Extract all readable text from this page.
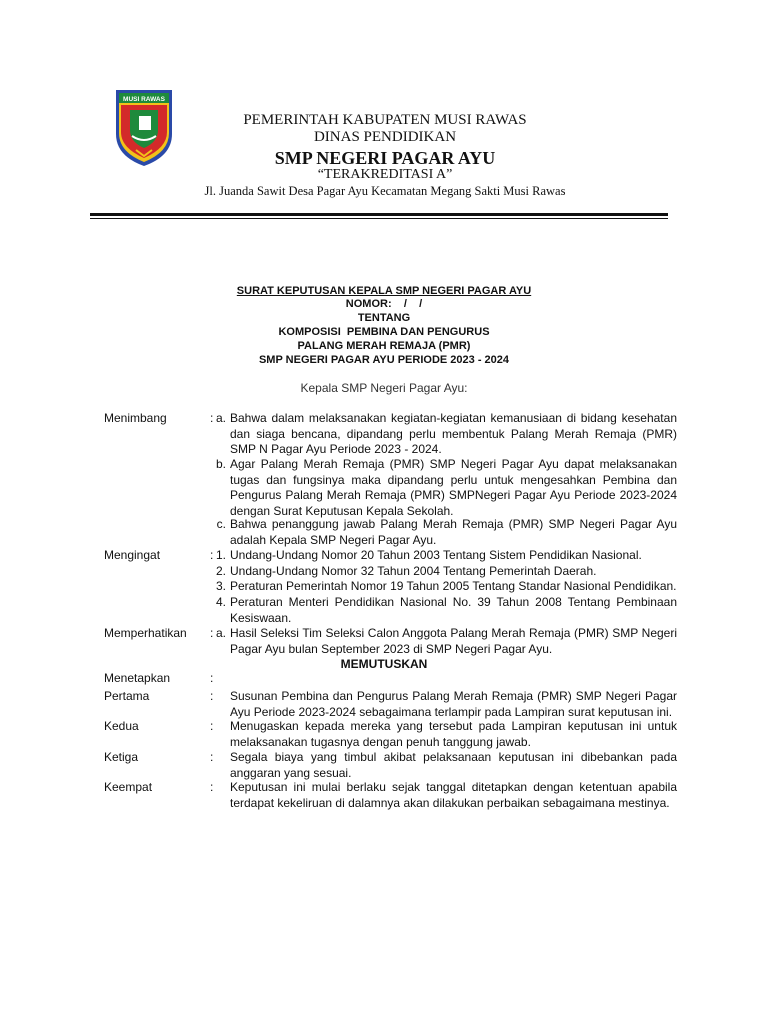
MUSI RAWAS
PEMERINTAH KABUPATEN MUSI RAWAS
DINAS PENDIDIKAN
SMP NEGERI PAGAR AYU
“TERAKREDITASI A”
Jl. Juanda Sawit Desa Pagar Ayu Kecamatan Megang Sakti Musi Rawas
SURAT KEPUTUSAN KEPALA SMP NEGERI PAGAR AYU
NOMOR:    /    /
TENTANG
KOMPOSISI  PEMBINA DAN PENGURUS
PALANG MERAH REMAJA (PMR)
SMP NEGERI PAGAR AYU PERIODE 2023 - 2024
Kepala SMP Negeri Pagar Ayu:
Menimbang	: a. Bahwa dalam melaksanakan kegiatan-kegiatan kemanusiaan di bidang kesehatan dan siaga bencana, dipandang perlu membentuk Palang Merah Remaja (PMR) SMP N Pagar Ayu Periode 2023 - 2024.
b. Agar Palang Merah Remaja (PMR) SMP Negeri Pagar Ayu dapat melaksanakan tugas dan fungsinya maka dipandang perlu untuk mengesahkan Pembina dan Pengurus Palang Merah Remaja (PMR) SMPNegeri Pagar Ayu Periode 2023-2024 dengan Surat Keputusan Kepala Sekolah.
c. Bahwa penanggung jawab Palang Merah Remaja (PMR) SMP Negeri Pagar Ayu adalah Kepala SMP Negeri Pagar Ayu.
Mengingat	: 1. Undang-Undang Nomor 20 Tahun 2003 Tentang Sistem Pendidikan Nasional.
2. Undang-Undang Nomor 32 Tahun 2004 Tentang Pemerintah Daerah.
3. Peraturan Pemerintah Nomor 19 Tahun 2005 Tentang Standar Nasional Pendidikan.
4. Peraturan Menteri Pendidikan Nasional No. 39 Tahun 2008 Tentang Pembinaan Kesiswaan.
Memperhatikan : a. Hasil Seleksi Tim Seleksi Calon Anggota Palang Merah Remaja (PMR) SMP Negeri Pagar Ayu bulan September 2023 di SMP Negeri Pagar Ayu.
MEMUTUSKAN
Menetapkan	:
Pertama	: Susunan Pembina dan Pengurus Palang Merah Remaja (PMR) SMP Negeri Pagar Ayu Periode 2023-2024 sebagaimana terlampir pada Lampiran surat keputusan ini.
Kedua	: Menugaskan kepada mereka yang tersebut pada Lampiran keputusan ini untuk melaksanakan tugasnya dengan penuh tanggung jawab.
Ketiga	: Segala biaya yang timbul akibat pelaksanaan keputusan ini dibebankan pada anggaran yang sesuai.
Keempat	: Keputusan ini mulai berlaku sejak tanggal ditetapkan dengan ketentuan apabila terdapat kekeliruan di dalamnya akan dilakukan perbaikan sebagaimana mestinya.
